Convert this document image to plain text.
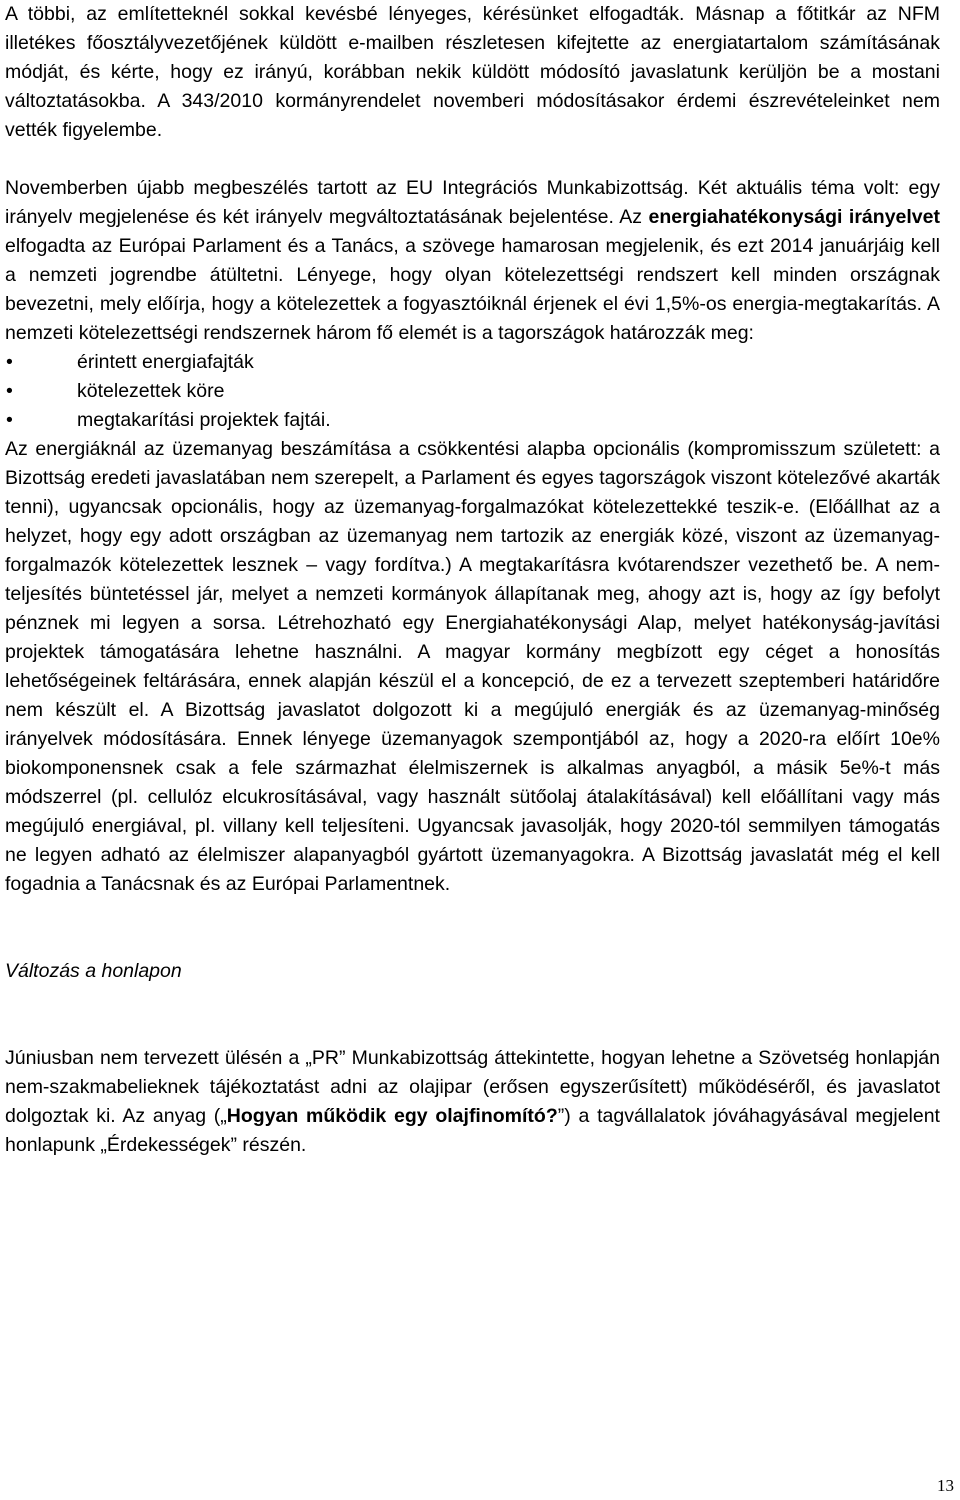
A többi, az említetteknél sokkal kevésbé lényeges, kérésünket elfogadták. Másnap a főtitkár az NFM illetékes főosztályvezetőjének küldött e-mailben részletesen kifejtette az energiatartalom számításának módját, és kérte, hogy ez irányú, korábban nekik küldött módosító javaslatunk kerüljön be a mostani változtatásokba. A 343/2010 kormányrendelet novemberi módosításakor érdemi észrevételeinket nem vették figyelembe.

Novemberben újabb megbeszélés tartott az EU Integrációs Munkabizottság. Két aktuális téma volt: egy irányelv megjelenése és két irányelv megváltoztatásának bejelentése. Az energiahatékonysági irányelvet elfogadta az Európai Parlament és a Tanács, a szövege hamarosan megjelenik, és ezt 2014 januárjáig kell a nemzeti jogrendbe átültetni. Lényege, hogy olyan kötelezettségi rendszert kell minden országnak bevezetni, mely előírja, hogy a kötelezettek a fogyasztóiknál érjenek el évi 1,5%-os energia-megtakarítás. A nemzeti kötelezettségi rendszernek három fő elemét is a tagországok határozzák meg:

•	érintett energiafajták
•	kötelezettek köre
•	megtakarítási projektek fajtái.

Az energiáknál az üzemanyag beszámítása a csökkentési alapba opcionális (kompromisszum született: a Bizottság eredeti javaslatában nem szerepelt, a Parlament és egyes tagországok viszont kötelezővé akarták tenni), ugyancsak opcionális, hogy az üzemanyag-forgalmazókat kötelezettekké teszik-e. (Előállhat az a helyzet, hogy egy adott országban az üzemanyag nem tartozik az energiák közé, viszont az üzemanyag-forgalmazók kötelezettek lesznek – vagy fordítva.) A megtakarításra kvótarendszer vezethető be. A nem-teljesítés büntetéssel jár, melyet a nemzeti kormányok állapítanak meg, ahogy azt is, hogy az így befolyt pénznek mi legyen a sorsa. Létrehozható egy Energiahatékonysági Alap, melyet hatékonyság-javítási projektek támogatására lehetne használni. A magyar kormány megbízott egy céget a honosítás lehetőségeinek feltárására, ennek alapján készül el a koncepció, de ez a tervezett szeptemberi határidőre nem készült el. A Bizottság javaslatot dolgozott ki a megújuló energiák és az üzemanyag-minőség irányelvek módosítására. Ennek lényege üzemanyagok szempontjából az, hogy a 2020-ra előírt 10e% biokomponensnek csak a fele származhat élelmiszernek is alkalmas anyagból, a másik 5e%-t más módszerrel (pl. cellulóz elcukrosításával, vagy használt sütőolaj átalakításával) kell előállítani vagy más megújuló energiával, pl. villany kell teljesíteni. Ugyancsak javasolják, hogy 2020-tól semmilyen támogatás ne legyen adható az élelmiszer alapanyagból gyártott üzemanyagokra. A Bizottság javaslatát még el kell fogadnia a Tanácsnak és az Európai Parlamentnek.

Változás a honlapon

Júniusban nem tervezett ülésén a „PR” Munkabizottság áttekintette, hogyan lehetne a Szövetség honlapján nem-szakmabelieknek tájékoztatást adni az olajipar (erősen egyszerűsített) működéséről, és javaslatot dolgoztak ki. Az anyag („Hogyan működik egy olajfinomító?”) a tagvállalatok jóváhagyásával megjelent honlapunk „Érdekességek” részén.

13
